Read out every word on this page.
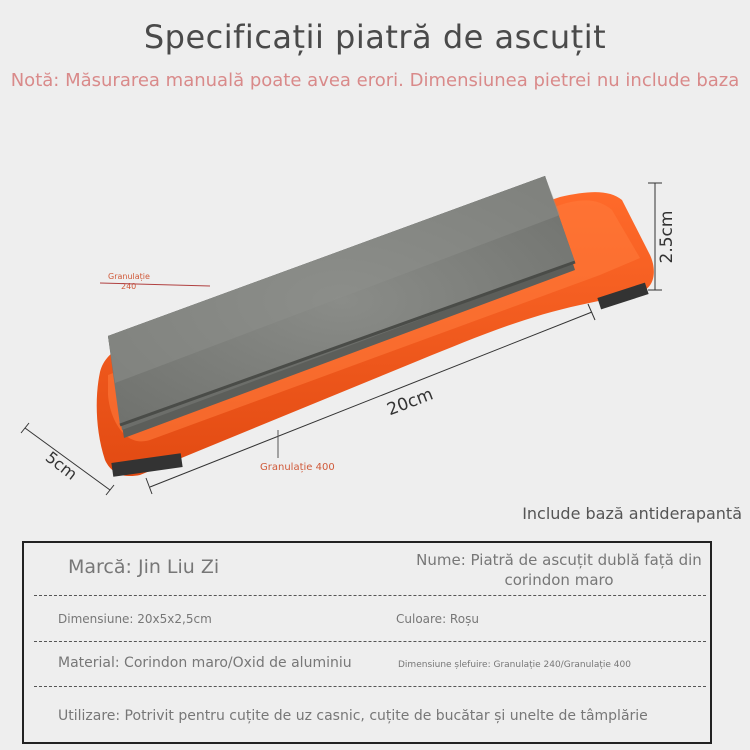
Specificații piatră de ascuțit
Notă: Măsurarea manuală poate avea erori. Dimensiunea pietrei nu include baza
2.5cm
20cm
5cm
Granulație
240
Granulație 400
Include bază antiderapantă
Marcă: Jin Liu Zi	Nume: Piatră de ascuțit dublă față din
corindon maro
Dimensiune: 20x5x2,5cm	Culoare: Roșu
Material: Corindon maro/Oxid de aluminiu	Dimensiune șlefuire: Granulație 240/Granulație 400
Utilizare: Potrivit pentru cuțite de uz casnic, cuțite de bucătar și unelte de tâmplărie
